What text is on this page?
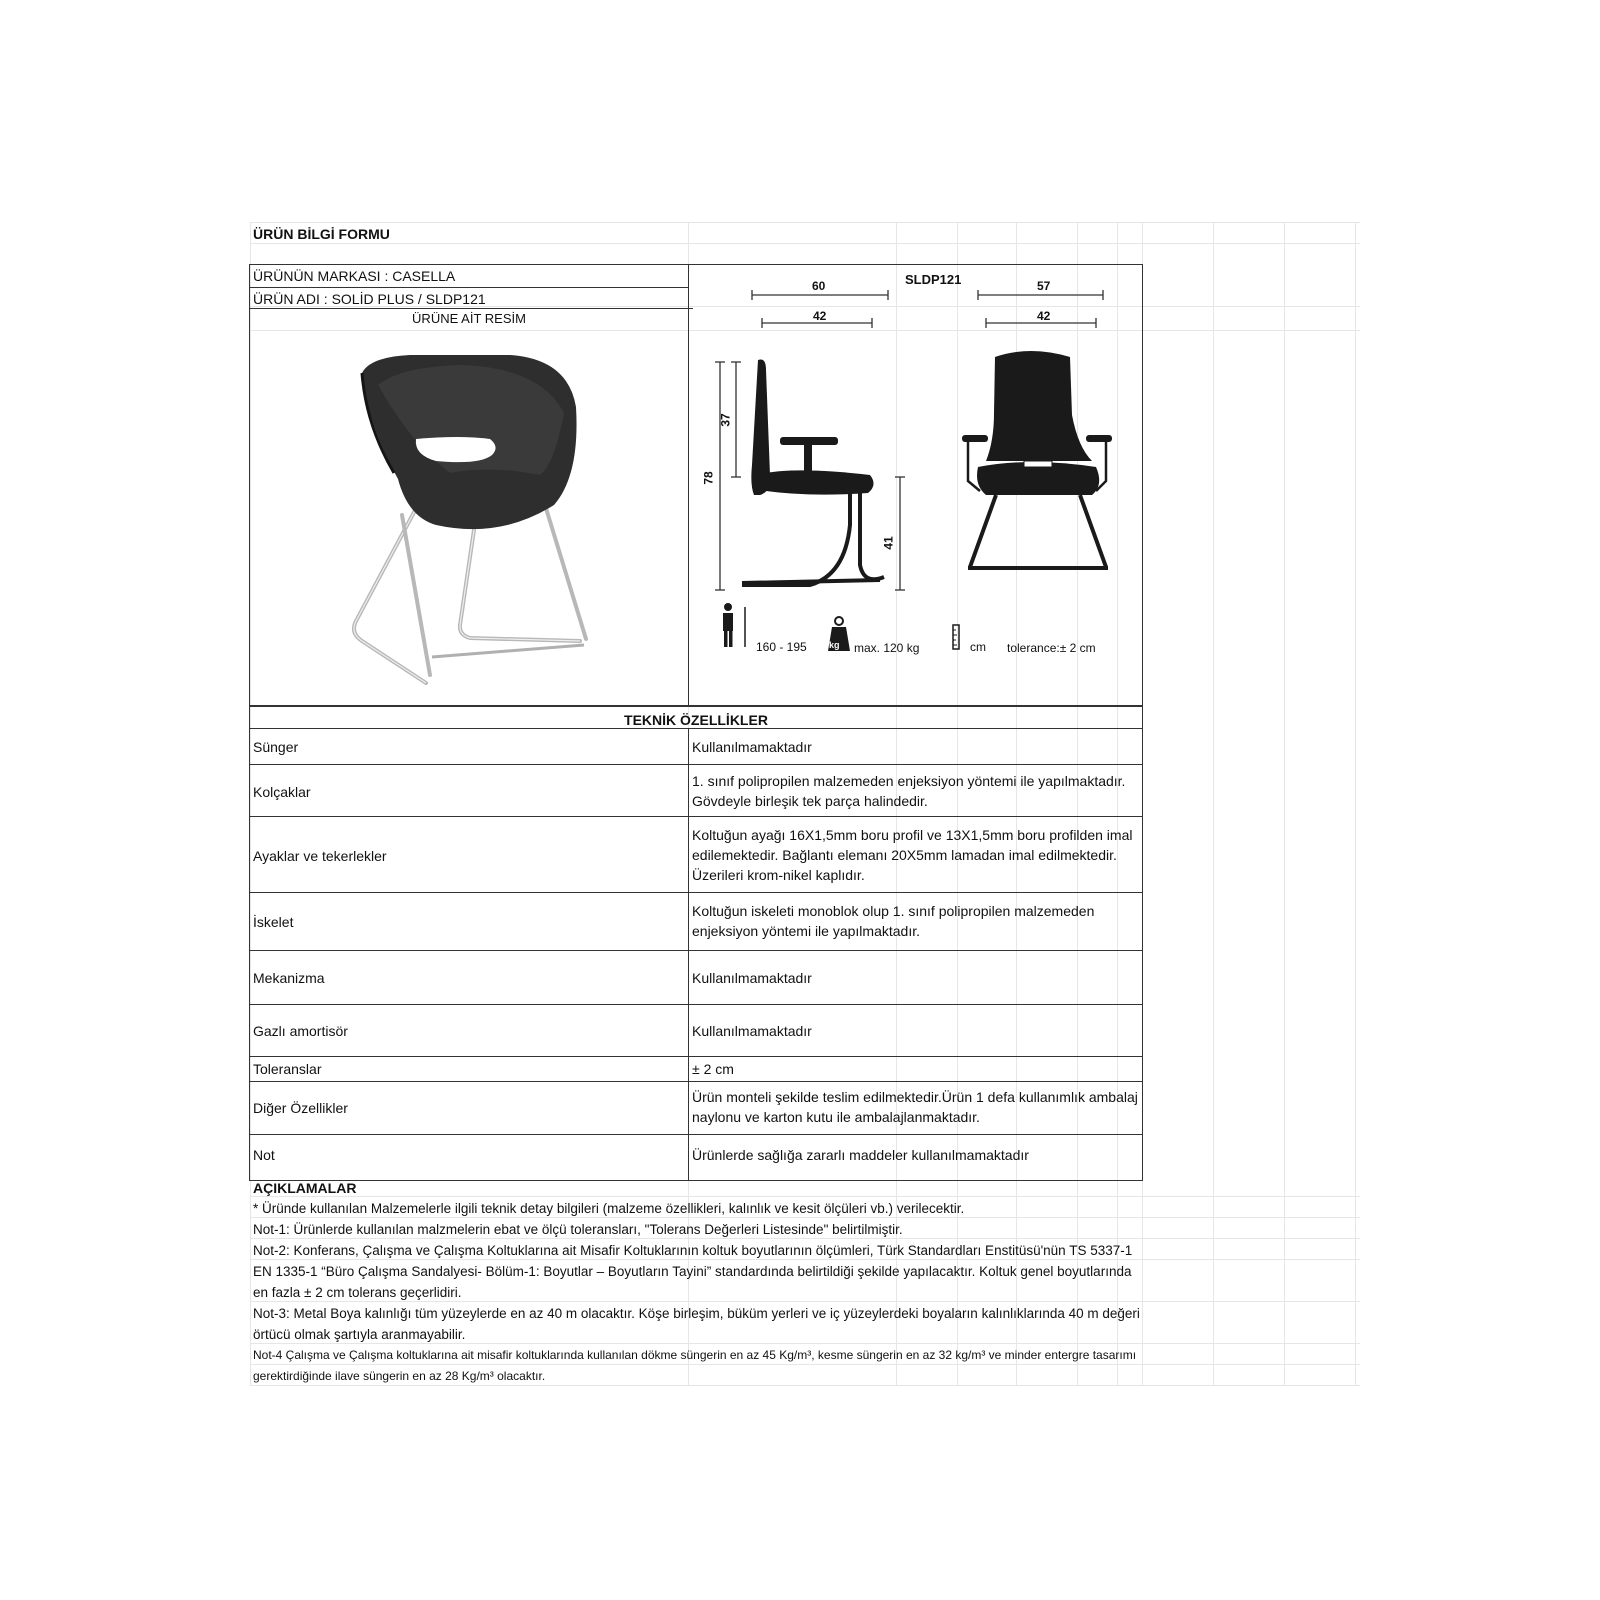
ÜRÜN BİLGİ FORMU
ÜRÜNÜN MARKASI : CASELLA
ÜRÜN ADI : SOLİD PLUS / SLDP121
ÜRÜNE AİT RESİM
SLDP121
60
42
57
42
78
37
41
kg
160 - 195	max. 120 kg	cm tolerance:± 2 cm
TEKNİK ÖZELLİKLER
Sünger	Kullanılmamaktadır
Kolçaklar
1. sınıf polipropilen malzemeden enjeksiyon yöntemi ile yapılmaktadır. Gövdeyle birleşik tek parça halindedir.
Ayaklar ve tekerlekler
Koltuğun ayağı 16X1,5mm boru profil ve 13X1,5mm boru profilden imal edilemektedir. Bağlantı elemanı 20X5mm lamadan imal edilmektedir. Üzerileri krom-nikel kaplıdır.
İskelet
Koltuğun iskeleti monoblok olup 1. sınıf polipropilen malzemeden enjeksiyon yöntemi ile yapılmaktadır.
Mekanizma	Kullanılmamaktadır
Gazlı amortisör	Kullanılmamaktadır
Toleranslar	± 2 cm
Diğer Özellikler
Ürün monteli şekilde teslim edilmektedir.Ürün 1 defa kullanımlık ambalaj naylonu ve karton kutu ile ambalajlanmaktadır.
Not	Ürünlerde sağlığa zararlı maddeler kullanılmamaktadır
AÇIKLAMALAR
* Üründe kullanılan Malzemelerle ilgili teknik detay bilgileri (malzeme özellikleri, kalınlık ve kesit ölçüleri vb.) verilecektir.
Not-1: Ürünlerde kullanılan malzmelerin ebat ve ölçü toleransları, "Tolerans Değerleri Listesinde" belirtilmiştir.
Not-2: Konferans, Çalışma ve Çalışma Koltuklarına ait Misafir Koltuklarının koltuk boyutlarının ölçümleri, Türk Standardları Enstitüsü'nün TS 5337-1 EN 1335-1 “Büro Çalışma Sandalyesi- Bölüm-1: Boyutlar – Boyutların Tayini” standardında belirtildiği şekilde yapılacaktır. Koltuk genel boyutlarında en fazla ± 2 cm tolerans geçerlidiri.
Not-3: Metal Boya kalınlığı tüm yüzeylerde en az 40 m olacaktır. Köşe birleşim, büküm yerleri ve iç yüzeylerdeki boyaların kalınlıklarında 40 m değeri örtücü olmak şartıyla aranmayabilir.
Not-4 Çalışma ve Çalışma koltuklarına ait misafir koltuklarında kullanılan dökme süngerin en az 45 Kg/m³, kesme süngerin en az 32 kg/m³ ve minder entergre tasarımı gerektirdiğinde ilave süngerin en az 28 Kg/m³ olacaktır.
